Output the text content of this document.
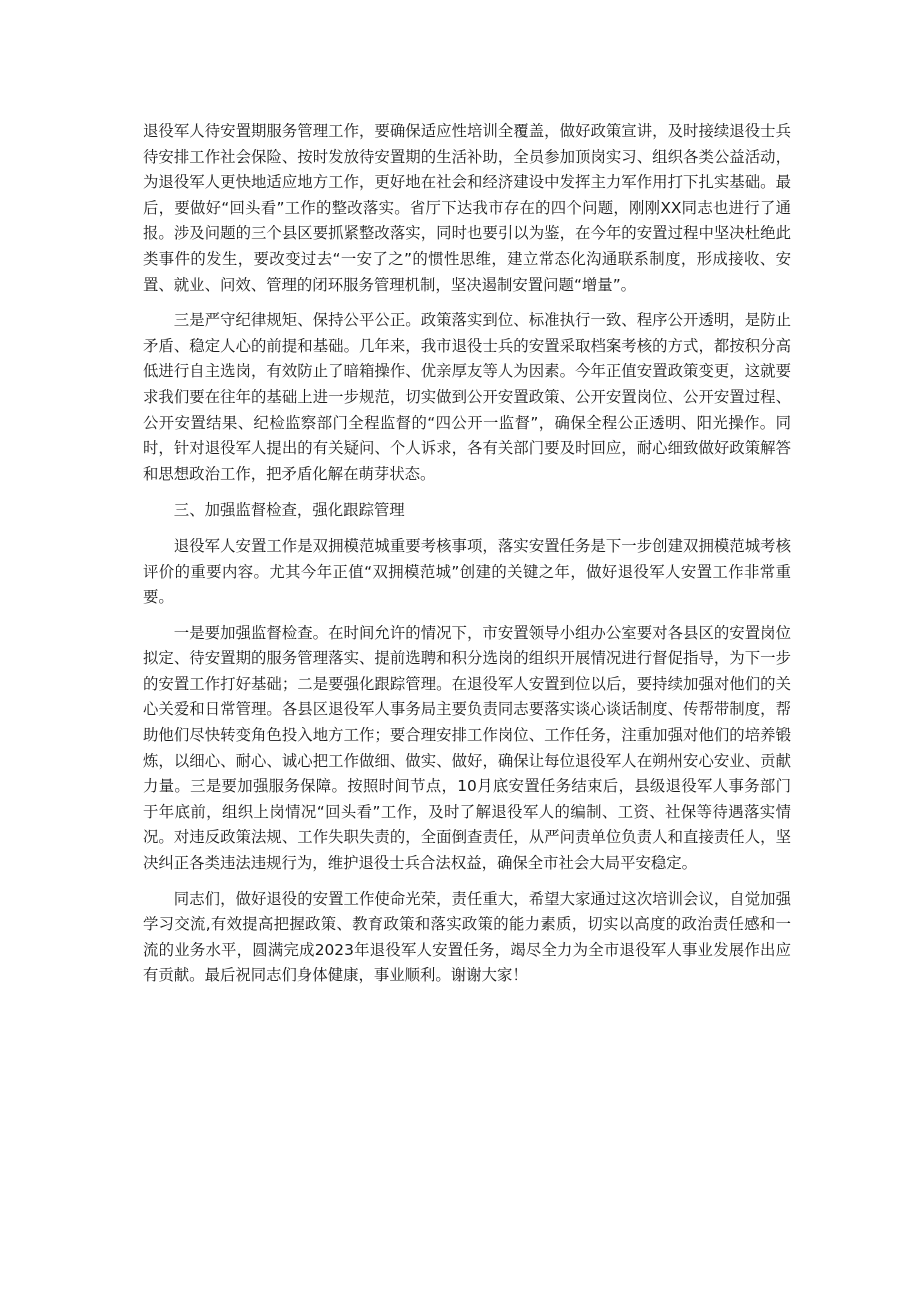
退役军人待安置期服务管理工作，要确保适应性培训全覆盖，做好政策宣讲，及时接续退役士兵待安排工作社会保险、按时发放待安置期的生活补助，全员参加顶岗实习、组织各类公益活动，为退役军人更快地适应地方工作，更好地在社会和经济建设中发挥主力军作用打下扎实基础。最后，要做好“回头看”工作的整改落实。省厅下达我市存在的四个问题，刚刚XX同志也进行了通报。涉及问题的三个县区要抓紧整改落实，同时也要引以为鉴，在今年的安置过程中坚决杜绝此类事件的发生，要改变过去“一安了之”的惯性思维，建立常态化沟通联系制度，形成接收、安置、就业、问效、管理的闭环服务管理机制，坚决遏制安置问题“增量”。

三是严守纪律规矩、保持公平公正。政策落实到位、标准执行一致、程序公开透明，是防止矛盾、稳定人心的前提和基础。几年来，我市退役士兵的安置采取档案考核的方式，都按积分高低进行自主选岗，有效防止了暗箱操作、优亲厚友等人为因素。今年正值安置政策变更，这就要求我们要在往年的基础上进一步规范，切实做到公开安置政策、公开安置岗位、公开安置过程、公开安置结果、纪检监察部门全程监督的“四公开一监督”，确保全程公正透明、阳光操作。同时，针对退役军人提出的有关疑问、个人诉求，各有关部门要及时回应，耐心细致做好政策解答和思想政治工作，把矛盾化解在萌芽状态。

三、加强监督检查，强化跟踪管理

退役军人安置工作是双拥模范城重要考核事项，落实安置任务是下一步创建双拥模范城考核评价的重要内容。尤其今年正值“双拥模范城”创建的关键之年，做好退役军人安置工作非常重要。

一是要加强监督检查。在时间允许的情况下，市安置领导小组办公室要对各县区的安置岗位拟定、待安置期的服务管理落实、提前选聘和积分选岗的组织开展情况进行督促指导，为下一步的安置工作打好基础；二是要强化跟踪管理。在退役军人安置到位以后，要持续加强对他们的关心关爱和日常管理。各县区退役军人事务局主要负责同志要落实谈心谈话制度、传帮带制度，帮助他们尽快转变角色投入地方工作；要合理安排工作岗位、工作任务，注重加强对他们的培养锻炼，以细心、耐心、诚心把工作做细、做实、做好，确保让每位退役军人在朔州安心安业、贡献力量。三是要加强服务保障。按照时间节点，10月底安置任务结束后，县级退役军人事务部门于年底前，组织上岗情况“回头看”工作，及时了解退役军人的编制、工资、社保等待遇落实情况。对违反政策法规、工作失职失责的，全面倒查责任，从严问责单位负责人和直接责任人，坚决纠正各类违法违规行为，维护退役士兵合法权益，确保全市社会大局平安稳定。

同志们，做好退役的安置工作使命光荣，责任重大，希望大家通过这次培训会议，自觉加强学习交流,有效提高把握政策、教育政策和落实政策的能力素质，切实以高度的政治责任感和一流的业务水平，圆满完成2023年退役军人安置任务，竭尽全力为全市退役军人事业发展作出应有贡献。最后祝同志们身体健康，事业顺利。谢谢大家！
